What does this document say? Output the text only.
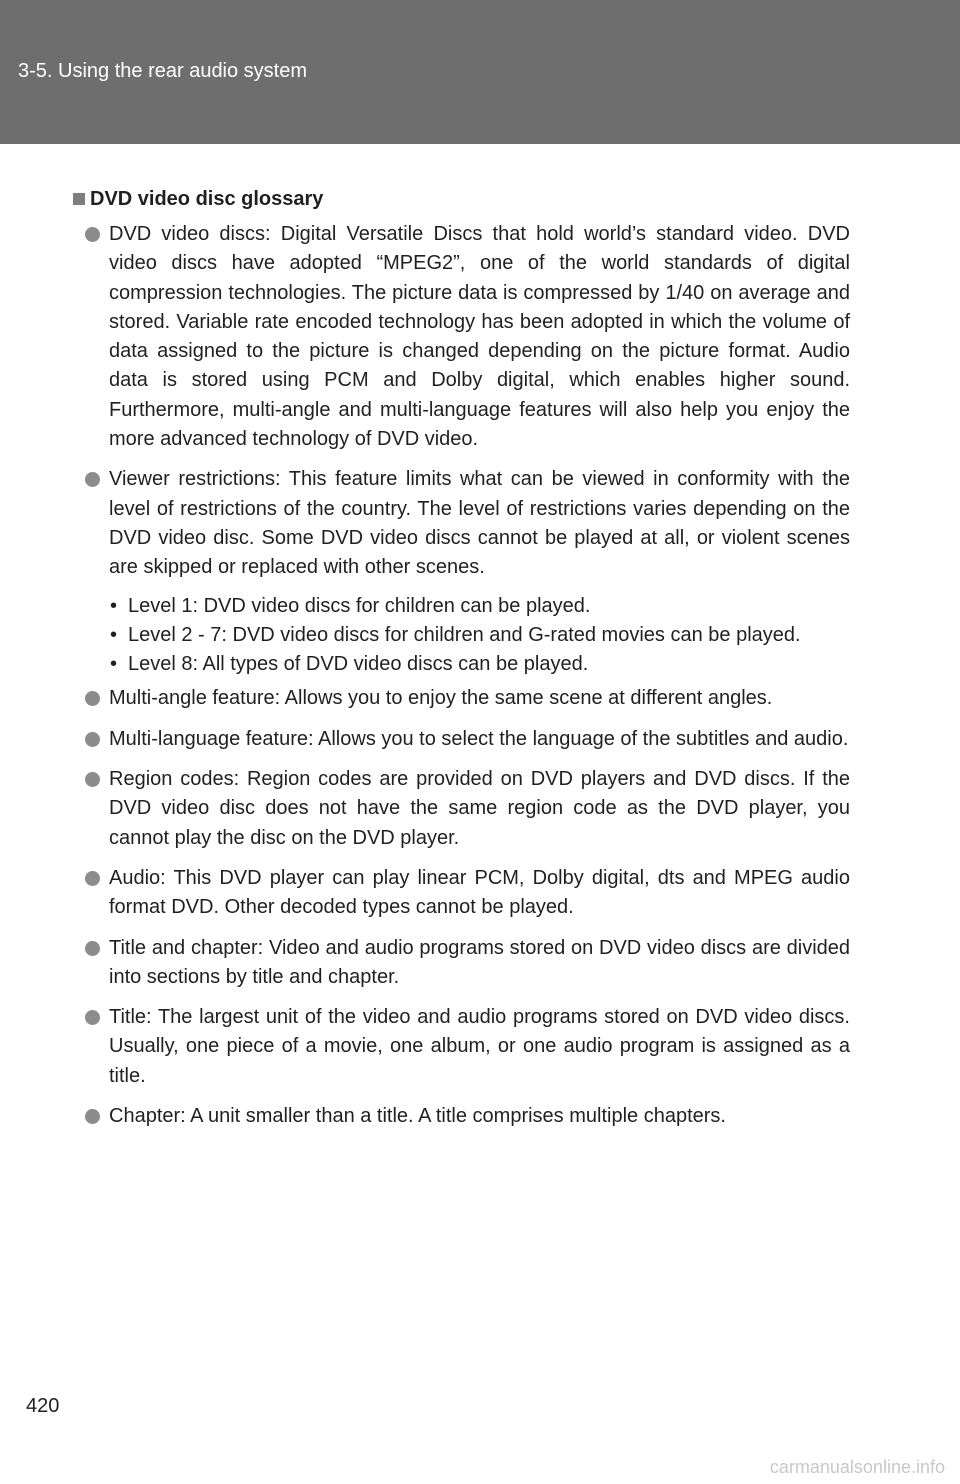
3-5. Using the rear audio system
DVD video disc glossary
DVD video discs: Digital Versatile Discs that hold world’s standard video. DVD video discs have adopted “MPEG2”, one of the world standards of digital compression technologies. The picture data is compressed by 1/40 on average and stored. Variable rate encoded technology has been adopted in which the volume of data assigned to the picture is changed depending on the picture format. Audio data is stored using PCM and Dolby digital, which enables higher sound. Furthermore, multi-angle and multi-language features will also help you enjoy the more advanced technology of DVD video.
Viewer restrictions: This feature limits what can be viewed in conformity with the level of restrictions of the country. The level of restrictions varies depending on the DVD video disc. Some DVD video discs cannot be played at all, or violent scenes are skipped or replaced with other scenes.
• Level 1: DVD video discs for children can be played.
• Level 2 - 7: DVD video discs for children and G-rated movies can be played.
• Level 8: All types of DVD video discs can be played.
Multi-angle feature: Allows you to enjoy the same scene at different angles.
Multi-language feature: Allows you to select the language of the subtitles and audio.
Region codes: Region codes are provided on DVD players and DVD discs. If the DVD video disc does not have the same region code as the DVD player, you cannot play the disc on the DVD player.
Audio: This DVD player can play linear PCM, Dolby digital, dts and MPEG audio format DVD. Other decoded types cannot be played.
Title and chapter: Video and audio programs stored on DVD video discs are divided into sections by title and chapter.
Title: The largest unit of the video and audio programs stored on DVD video discs. Usually, one piece of a movie, one album, or one audio program is assigned as a title.
Chapter: A unit smaller than a title. A title comprises multiple chapters.
420
carmanualsonline.info
